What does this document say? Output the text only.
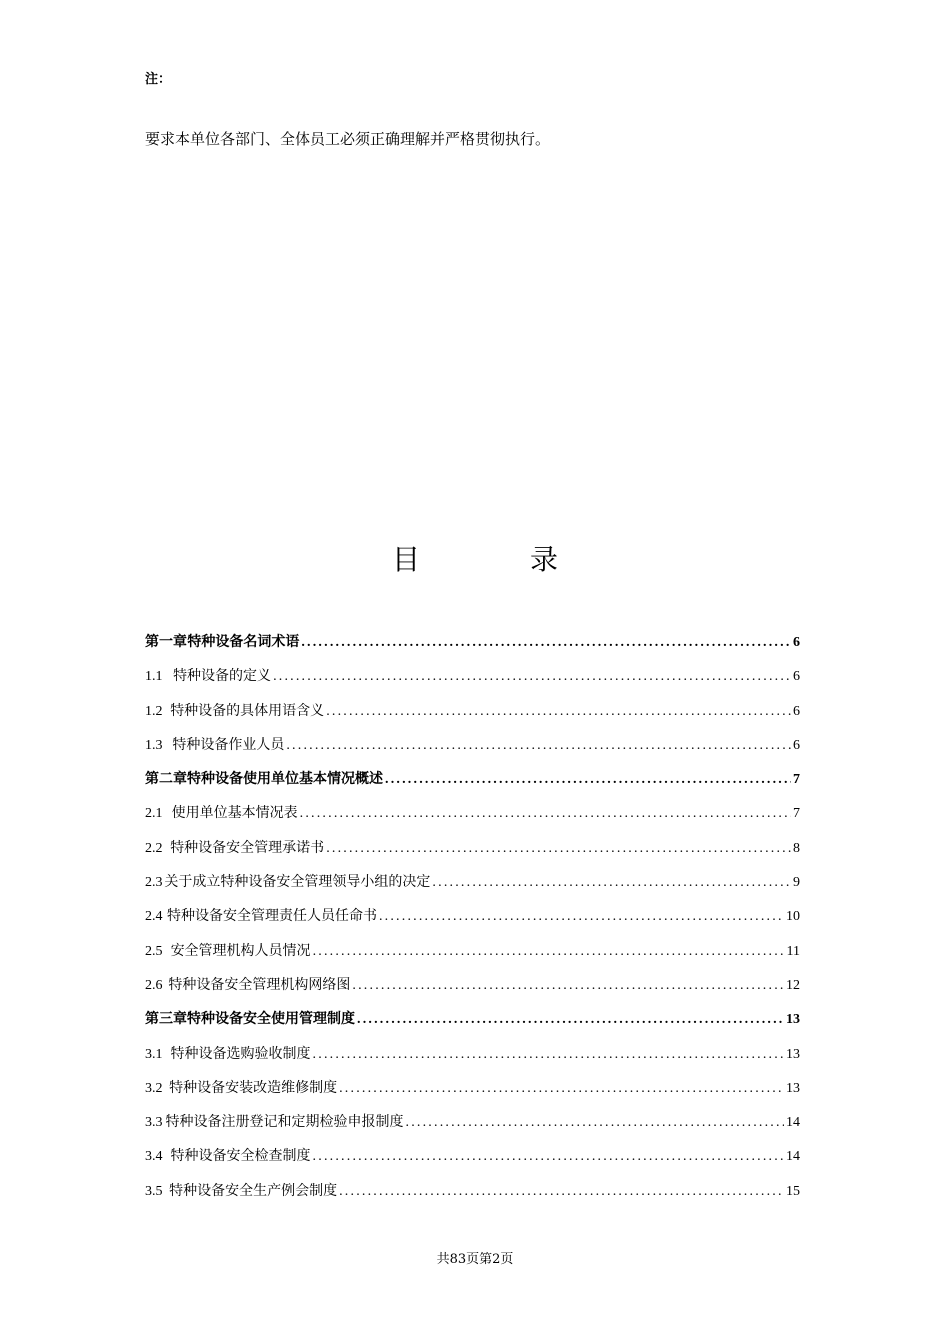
注：
要求本单位各部门、全体员工必须正确理解并严格贯彻执行。
目	录
第一章 特种设备名词术语 .....	6
1.1 特种设备的定义 .....	6
1.2 特种设备的具体用语含义 .....	6
1.3 特种设备作业人员 .....	6
第二章 特种设备使用单位基本情况概述 .....	7
2.1 使用单位基本情况表 .....	7
2.2 特种设备安全管理承诺书 .....	8
2.3 关于成立特种设备安全管理领导小组的决定 .....	9
2.4 特种设备安全管理责任人员任命书 .....	10
2.5 安全管理机构人员情况 .....	11
2.6 特种设备安全管理机构网络图 .....	12
第三章 特种设备安全使用管理制度 .....	13
3.1 特种设备选购验收制度 .....	13
3.2 特种设备安装改造维修制度 .....	13
3.3 特种设备注册登记和定期检验申报制度 .....	14
3.4 特种设备安全检查制度 .....	14
3.5 特种设备安全生产例会制度 .....	15
共83页第2页
